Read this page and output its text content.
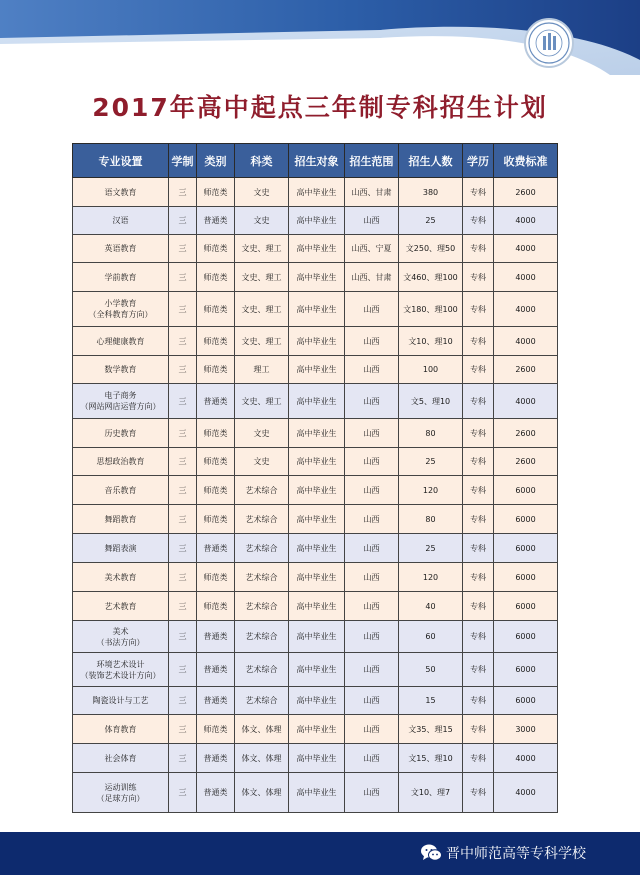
2017年高中起点三年制专科招生计划
专业设置	学制	类别	科类	招生对象	招生范围	招生人数	学历	收费标准
语文教育	三	师范类	文史	高中毕业生	山西、甘肃	380	专科	2600
汉语	三	普通类	文史	高中毕业生	山西	25	专科	4000
英语教育	三	师范类	文史、理工	高中毕业生	山西、宁夏	文250、理50	专科	4000
学前教育	三	师范类	文史、理工	高中毕业生	山西、甘肃	文460、理100	专科	4000
小学教育
（全科教育方向）	三	师范类	文史、理工	高中毕业生	山西	文180、理100	专科	4000
心理健康教育	三	师范类	文史、理工	高中毕业生	山西	文10、理10	专科	4000
数学教育	三	师范类	理工	高中毕业生	山西	100	专科	2600
电子商务
（网站网店运营方向）	三	普通类	文史、理工	高中毕业生	山西	文5、理10	专科	4000
历史教育	三	师范类	文史	高中毕业生	山西	80	专科	2600
思想政治教育	三	师范类	文史	高中毕业生	山西	25	专科	2600
音乐教育	三	师范类	艺术综合	高中毕业生	山西	120	专科	6000
舞蹈教育	三	师范类	艺术综合	高中毕业生	山西	80	专科	6000
舞蹈表演	三	普通类	艺术综合	高中毕业生	山西	25	专科	6000
美术教育	三	师范类	艺术综合	高中毕业生	山西	120	专科	6000
艺术教育	三	师范类	艺术综合	高中毕业生	山西	40	专科	6000
美术
（书法方向）	三	普通类	艺术综合	高中毕业生	山西	60	专科	6000
环境艺术设计
（装饰艺术设计方向）	三	普通类	艺术综合	高中毕业生	山西	50	专科	6000
陶瓷设计与工艺	三	普通类	艺术综合	高中毕业生	山西	15	专科	6000
体育教育	三	师范类	体文、体理	高中毕业生	山西	文35、理15	专科	3000
社会体育	三	普通类	体文、体理	高中毕业生	山西	文15、理10	专科	4000
运动训练
（足球方向）	三	普通类	体文、体理	高中毕业生	山西	文10、理7	专科	4000
晋中师范高等专科学校
